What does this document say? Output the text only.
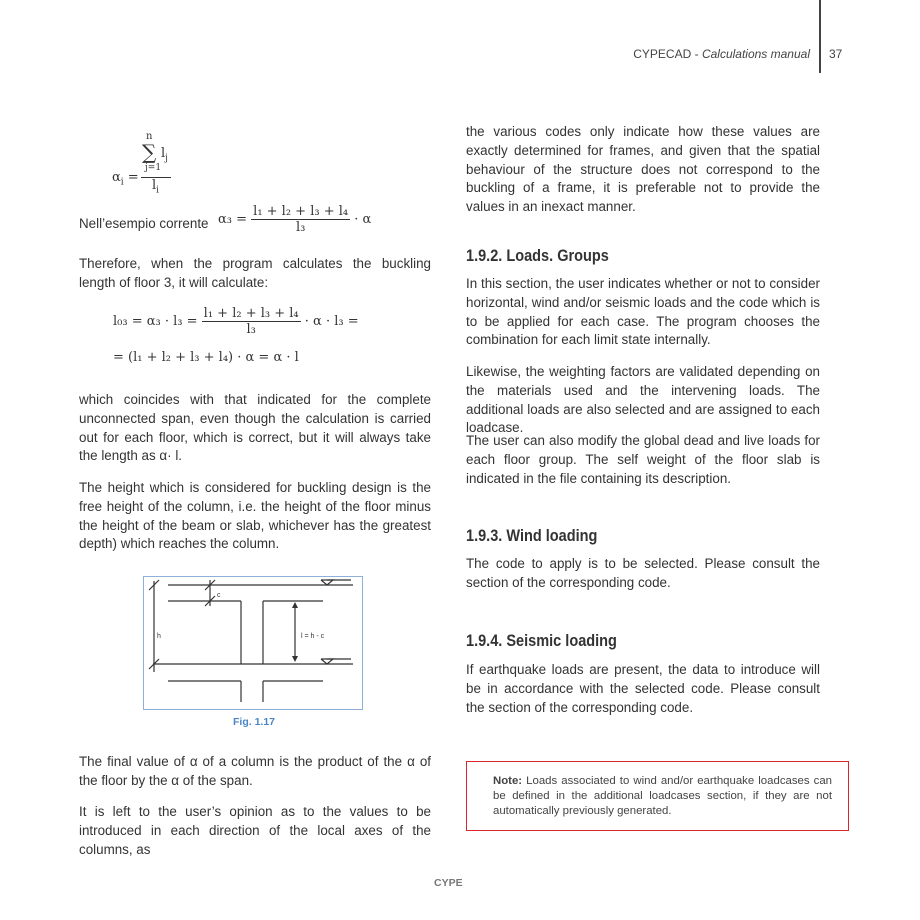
CYPECAD - Calculations manual 37
$\alpha_i$ =
n
∑ $l_j$
j=1
$l_i$
Nell’esempio corrente $\alpha_3 = \frac{\text{l₁ + l₂ + l₃ + l₄}}{\text{l₃}} \cdot \alpha$

Therefore, when the program calculates the buckling length of floor 3, it will calculate:

$l_{03} = \alpha_3 \cdot l_3 = \frac{\text{l₁ + l₂ + l₃ + l₄}}{\text{l₃}} \cdot \alpha \cdot l_3$ =
= (l₁ + l₂ + l₃ + l₄) · α = α · l

which coincides with that indicated for the complete unconnected span, even though the calculation is carried out for each floor, which is correct, but it will always take the length as α· l.

The height which is considered for buckling design is the free height of the column, i.e. the height of the floor minus the height of the beam or slab, whichever has the greatest depth) which reaches the column.

c
h	l = h - c
Fig. 1.17

The final value of α of a column is the product of the α of the floor by the α of the span.

It is left to the user’s opinion as to the values to be introduced in each direction of the local axes of the columns, as

the various codes only indicate how these values are exactly determined for frames, and given that the spatial behaviour of the structure does not correspond to the buckling of a frame, it is preferable not to provide the values in an inexact manner.

1.9.2. Loads. Groups

In this section, the user indicates whether or not to consider horizontal, wind and/or seismic loads and the code which is to be applied for each case. The program chooses the combination for each limit state internally.

Likewise, the weighting factors are validated depending on the materials used and the intervening loads. The additional loads are also selected and are assigned to each loadcase.

The user can also modify the global dead and live loads for each floor group. The self weight of the floor slab is indicated in the file containing its description.

1.9.3. Wind loading

The code to apply is to be selected. Please consult the section of the corresponding code.

1.9.4. Seismic loading

If earthquake loads are present, the data to introduce will be in accordance with the selected code. Please consult the section of the corresponding code.

Note: Loads associated to wind and/or earthquake loadcases can be defined in the additional loadcases section, if they are not automatically previously generated.
CYPE
